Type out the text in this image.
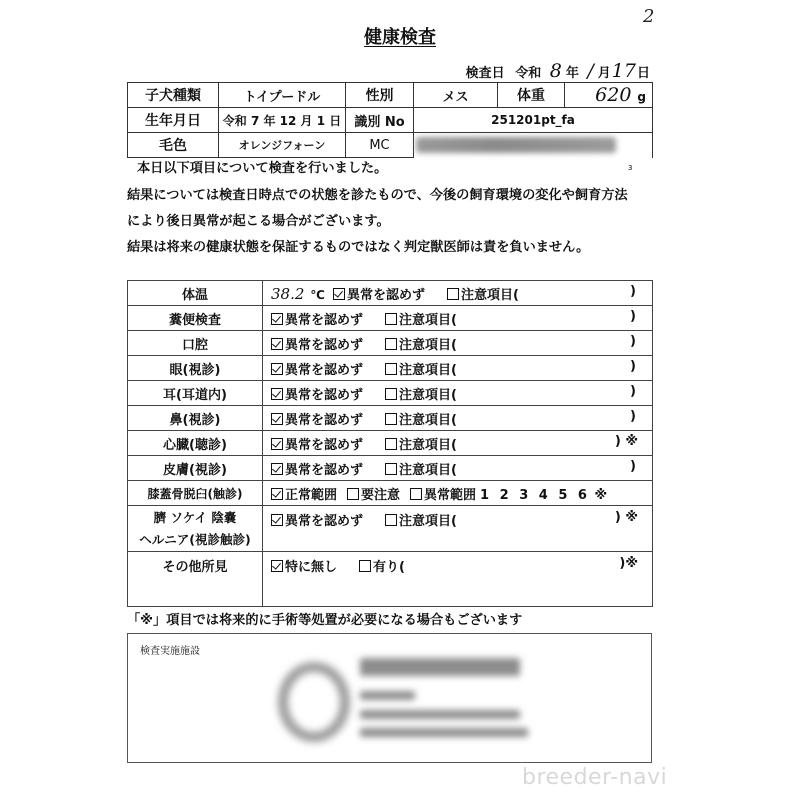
2
健康検査
検査日 令和 8 年 / 月17日
子犬種類	トイプードル	性別	メス	体重	620 g
生年月日	令和 7 年 12 月 1 日	識別 No	251201pt_fa		
毛色	オレンジフォーン	MC			
3
本日以下項目について検査を行いました。
結果については検査日時点での状態を診たもので、今後の飼育環境の変化や飼育方法
により後日異常が起こる場合がございます。
結果は将来の健康状態を保証するものではなく判定獣医師は責を負いません。
体温	38.2 ℃ 異常を認めず 注意項目( )

糞便検査	異常を認めず 注意項目( )

口腔	異常を認めず 注意項目( )

眼(視診)	異常を認めず 注意項目( )

耳(耳道内)	異常を認めず 注意項目( )

鼻(視診)	異常を認めず 注意項目( )

心臓(聴診)	異常を認めず 注意項目( ) ※

皮膚(視診)	異常を認めず 注意項目( )

膝蓋骨脱臼(触診)	正常範囲 要注意 異常範囲 1 2 3 4 5 6 ※

臍 ソケイ 陰嚢
ヘルニア(視診触診)
	異常を認めず	注意項目(	) ※

その他所見	特に無し 有り( )※
「※」項目では将来的に手術等処置が必要になる場合もございます
検査実施施設
breeder-navi
